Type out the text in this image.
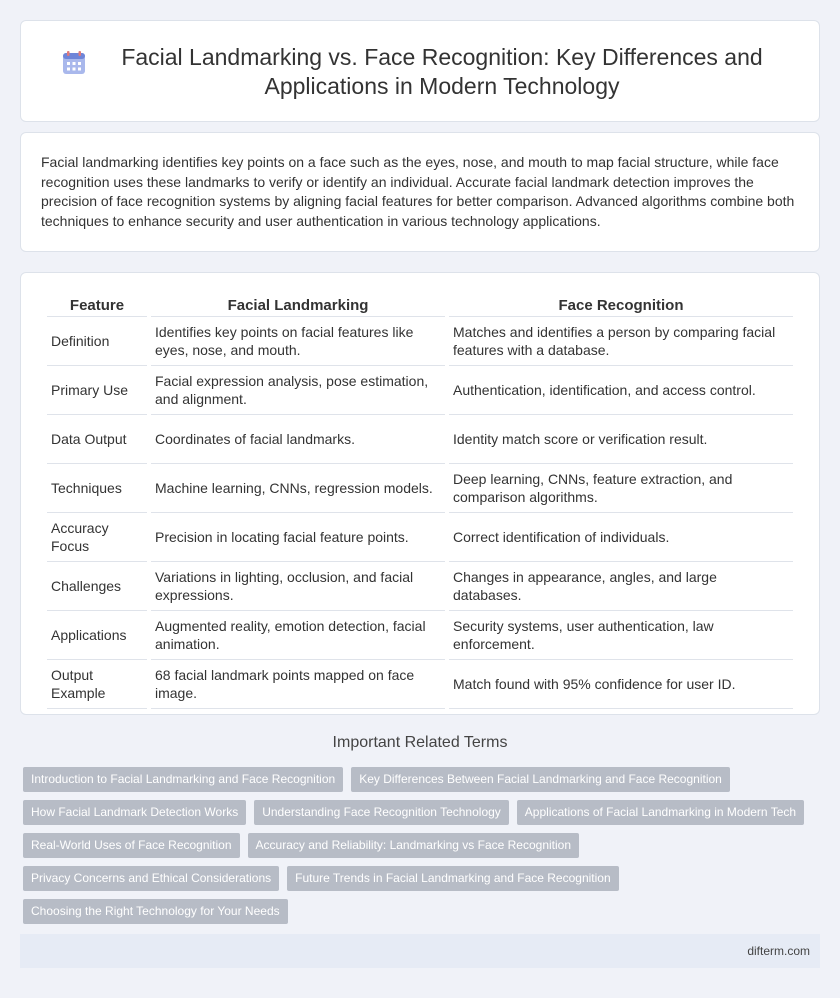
Facial Landmarking vs. Face Recognition: Key Differences and Applications in Modern Technology

Facial landmarking identifies key points on a face such as the eyes, nose, and mouth to map facial structure, while face recognition uses these landmarks to verify or identify an individual. Accurate facial landmark detection improves the precision of face recognition systems by aligning facial features for better comparison. Advanced algorithms combine both techniques to enhance security and user authentication in various technology applications.

Feature	Facial Landmarking	Face Recognition
Definition	Identifies key points on facial features like eyes, nose, and mouth.	Matches and identifies a person by comparing facial features with a database.
Primary Use	Facial expression analysis, pose estimation, and alignment.	Authentication, identification, and access control.
Data Output	Coordinates of facial landmarks.	Identity match score or verification result.
Techniques	Machine learning, CNNs, regression models.	Deep learning, CNNs, feature extraction, and comparison algorithms.
Accuracy Focus	Precision in locating facial feature points.	Correct identification of individuals.
Challenges	Variations in lighting, occlusion, and facial expressions.	Changes in appearance, angles, and large databases.
Applications	Augmented reality, emotion detection, facial animation.	Security systems, user authentication, law enforcement.
Output Example	68 facial landmark points mapped on face image.	Match found with 95% confidence for user ID.
Important Related Terms
Introduction to Facial Landmarking and Face Recognition	Key Differences Between Facial Landmarking and Face Recognition
How Facial Landmark Detection Works	Understanding Face Recognition Technology	Applications of Facial Landmarking in Modern Tech
Real-World Uses of Face Recognition	Accuracy and Reliability: Landmarking vs Face Recognition
Privacy Concerns and Ethical Considerations	Future Trends in Facial Landmarking and Face Recognition
Choosing the Right Technology for Your Needs
difterm.com
